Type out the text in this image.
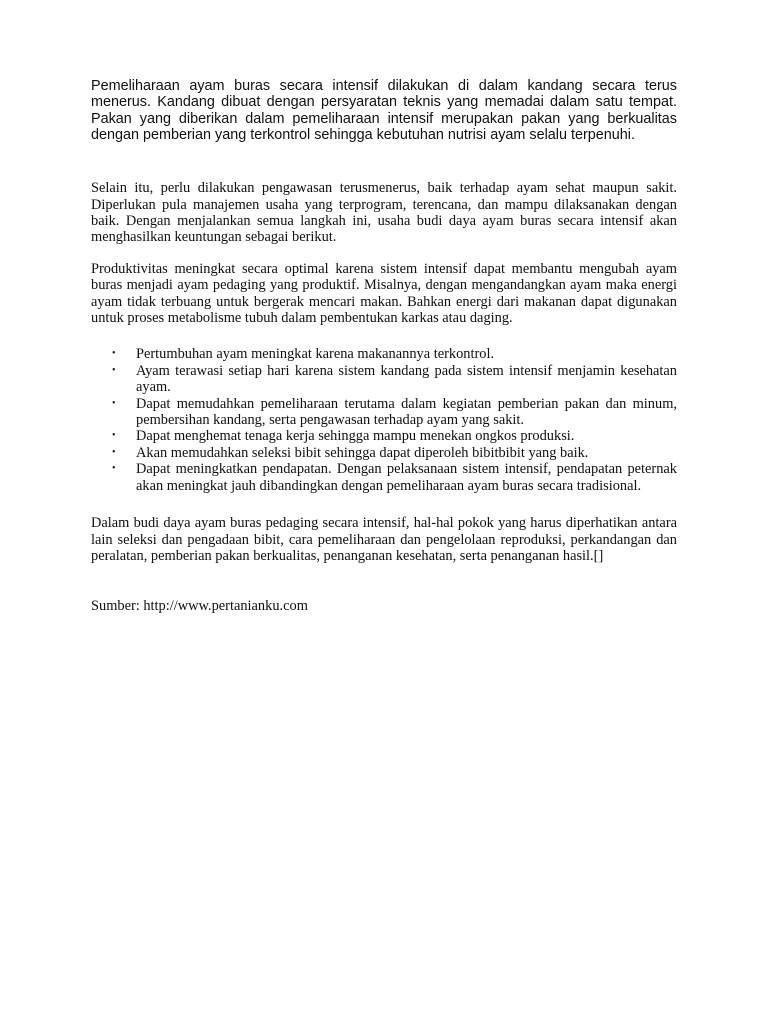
Pemeliharaan ayam buras secara intensif dilakukan di dalam kandang secara terus menerus. Kandang dibuat dengan persyaratan teknis yang memadai dalam satu tempat. Pakan yang diberikan dalam pemeliharaan intensif merupakan pakan yang berkualitas dengan pemberian yang terkontrol sehingga kebutuhan nutrisi ayam selalu terpenuhi.

Selain itu, perlu dilakukan pengawasan terusmenerus, baik terhadap ayam sehat maupun sakit. Diperlukan pula manajemen usaha yang terprogram, terencana, dan mampu dilaksanakan dengan baik. Dengan menjalankan semua langkah ini, usaha budi daya ayam buras secara intensif akan menghasilkan keuntungan sebagai berikut.

Produktivitas meningkat secara optimal karena sistem intensif dapat membantu mengubah ayam buras menjadi ayam pedaging yang produktif. Misalnya, dengan mengandangkan ayam maka energi ayam tidak terbuang untuk bergerak mencari makan. Bahkan energi dari makanan dapat digunakan untuk proses metabolisme tubuh dalam pembentukan karkas atau daging.

• Pertumbuhan ayam meningkat karena makanannya terkontrol.
• Ayam terawasi setiap hari karena sistem kandang pada sistem intensif menjamin kesehatan ayam.
• Dapat memudahkan pemeliharaan terutama dalam kegiatan pemberian pakan dan minum, pembersihan kandang, serta pengawasan terhadap ayam yang sakit.
• Dapat menghemat tenaga kerja sehingga mampu menekan ongkos produksi.
• Akan memudahkan seleksi bibit sehingga dapat diperoleh bibitbibit yang baik.
• Dapat meningkatkan pendapatan. Dengan pelaksanaan sistem intensif, pendapatan peternak akan meningkat jauh dibandingkan dengan pemeliharaan ayam buras secara tradisional.

Dalam budi daya ayam buras pedaging secara intensif, hal-hal pokok yang harus diperhatikan antara lain seleksi dan pengadaan bibit, cara pemeliharaan dan pengelolaan reproduksi, perkandangan dan peralatan, pemberian pakan berkualitas, penanganan kesehatan, serta penanganan hasil.[]

Sumber: http://www.pertanianku.com
